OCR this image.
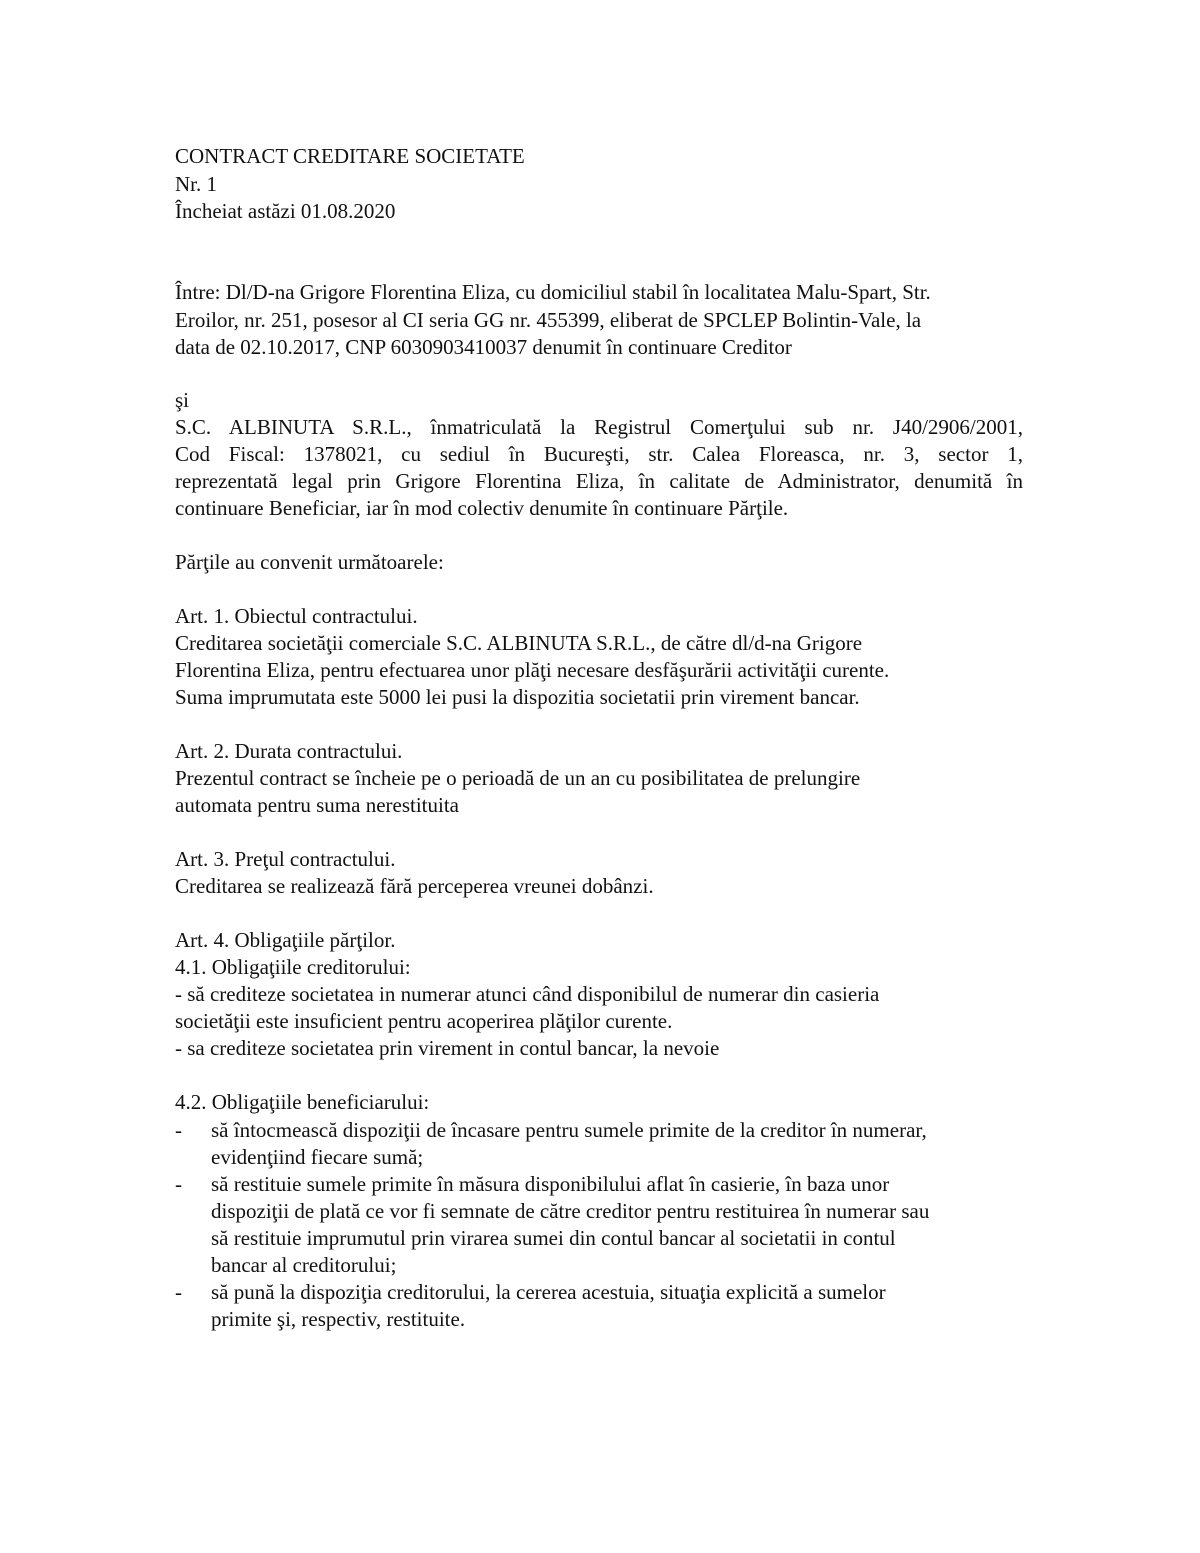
CONTRACT CREDITARE SOCIETATE
Nr. 1
Încheiat astăzi 01.08.2020
Între: Dl/D-na Grigore Florentina Eliza, cu domiciliul stabil în localitatea Malu-Spart, Str.
Eroilor, nr. 251, posesor al CI seria GG nr. 455399, eliberat de SPCLEP Bolintin-Vale, la
data de 02.10.2017, CNP 6030903410037 denumit în continuare Creditor
şi
S.C. ALBINUTA S.R.L., înmatriculată la Registrul Comerţului sub nr. J40/2906/2001,
Cod Fiscal: 1378021, cu sediul în Bucureşti, str. Calea Floreasca, nr. 3, sector 1,
reprezentată legal prin Grigore Florentina Eliza, în calitate de Administrator, denumită în
continuare Beneficiar, iar în mod colectiv denumite în continuare Părţile.
Părţile au convenit următoarele:
Art. 1. Obiectul contractului.
Creditarea societăţii comerciale S.C. ALBINUTA S.R.L., de către dl/d-na Grigore
Florentina Eliza, pentru efectuarea unor plăţi necesare desfăşurării activităţii curente.
Suma imprumutata este 5000 lei pusi la dispozitia societatii prin virement bancar.
Art. 2. Durata contractului.
Prezentul contract se încheie pe o perioadă de un an cu posibilitatea de prelungire
automata pentru suma nerestituita
Art. 3. Preţul contractului.
Creditarea se realizează fără perceperea vreunei dobânzi.
Art. 4. Obligaţiile părţilor.
4.1. Obligaţiile creditorului:
- să crediteze societatea in numerar atunci când disponibilul de numerar din casieria
societăţii este insuficient pentru acoperirea plăţilor curente.
- sa crediteze societatea prin virement in contul bancar, la nevoie
4.2. Obligaţiile beneficiarului:
- să întocmească dispoziţii de încasare pentru sumele primite de la creditor în numerar,
evidenţiind fiecare sumă;
- să restituie sumele primite în măsura disponibilului aflat în casierie, în baza unor
dispoziţii de plată ce vor fi semnate de către creditor pentru restituirea în numerar sau
să restituie imprumutul prin virarea sumei din contul bancar al societatii in contul
bancar al creditorului;
- să pună la dispoziţia creditorului, la cererea acestuia, situaţia explicită a sumelor
primite şi, respectiv, restituite.
